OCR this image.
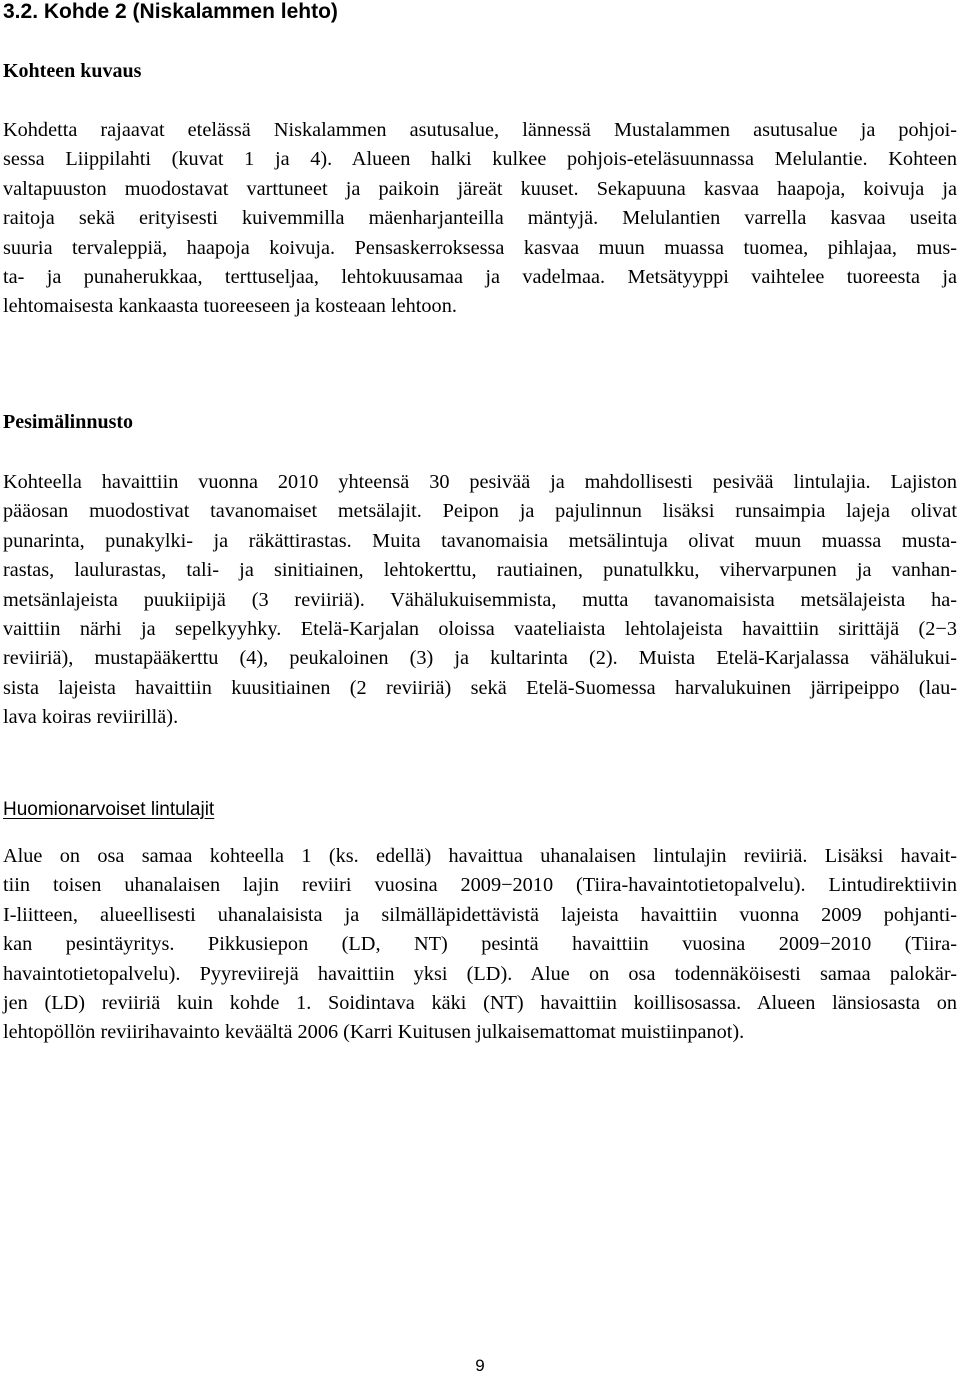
3.2. Kohde 2 (Niskalammen lehto)
Kohteen kuvaus

Kohdetta rajaavat etelässä Niskalammen asutusalue, lännessä Mustalammen asutusalue ja pohjoi-
sessa Liippilahti (kuvat 1 ja 4). Alueen halki kulkee pohjois-eteläsuunnassa Melulantie. Kohteen
valtapuuston muodostavat varttuneet ja paikoin järeät kuuset. Sekapuuna kasvaa haapoja, koivuja ja
raitoja sekä erityisesti kuivemmilla mäenharjanteilla mäntyjä. Melulantien varrella kasvaa useita
suuria tervaleppiä, haapoja koivuja. Pensaskerroksessa kasvaa muun muassa tuomea, pihlajaa, mus-
ta- ja punaherukkaa, terttuseljaa, lehtokuusamaa ja vadelmaa. Metsätyyppi vaihtelee tuoreesta ja
lehtomaisesta kankaasta tuoreeseen ja kosteaan lehtoon.

Pesimälinnusto

Kohteella havaittiin vuonna 2010 yhteensä 30 pesivää ja mahdollisesti pesivää lintulajia. Lajiston
pääosan muodostivat tavanomaiset metsälajit. Peipon ja pajulinnun lisäksi runsaimpia lajeja olivat
punarinta, punakylki- ja räkättirastas. Muita tavanomaisia metsälintuja olivat muun muassa musta-
rastas, laulurastas, tali- ja sinitiainen, lehtokerttu, rautiainen, punatulkku, vihervarpunen ja vanhan-
metsänlajeista puukiipijä (3 reviiriä). Vähälukuisemmista, mutta tavanomaisista metsälajeista ha-
vaittiin närhi ja sepelkyyhky. Etelä-Karjalan oloissa vaateliaista lehtolajeista havaittiin sirittäjä (2−3
reviiriä), mustapääkerttu (4), peukaloinen (3) ja kultarinta (2). Muista Etelä-Karjalassa vähälukui-
sista lajeista havaittiin kuusitiainen (2 reviiriä) sekä Etelä-Suomessa harvalukuinen järripeippo (lau-
lava koiras reviirillä).

Huomionarvoiset lintulajit

Alue on osa samaa kohteella 1 (ks. edellä) havaittua uhanalaisen lintulajin reviiriä. Lisäksi havait-
tiin toisen uhanalaisen lajin reviiri vuosina 2009−2010 (Tiira-havaintotietopalvelu). Lintudirektiivin
I-liitteen, alueellisesti uhanalaisista ja silmälläpidettävistä lajeista havaittiin vuonna 2009 pohjanti-
kan pesintäyritys. Pikkusiepon (LD, NT) pesintä havaittiin vuosina 2009−2010 (Tiira-
havaintotietopalvelu). Pyyreviirejä havaittiin yksi (LD). Alue on osa todennäköisesti samaa palokär-
jen (LD) reviiriä kuin kohde 1. Soidintava käki (NT) havaittiin koillisosassa. Alueen länsiosasta on
lehtopöllön reviirihavainto keväältä 2006 (Karri Kuitusen julkaisemattomat muistiinpanot).

9
